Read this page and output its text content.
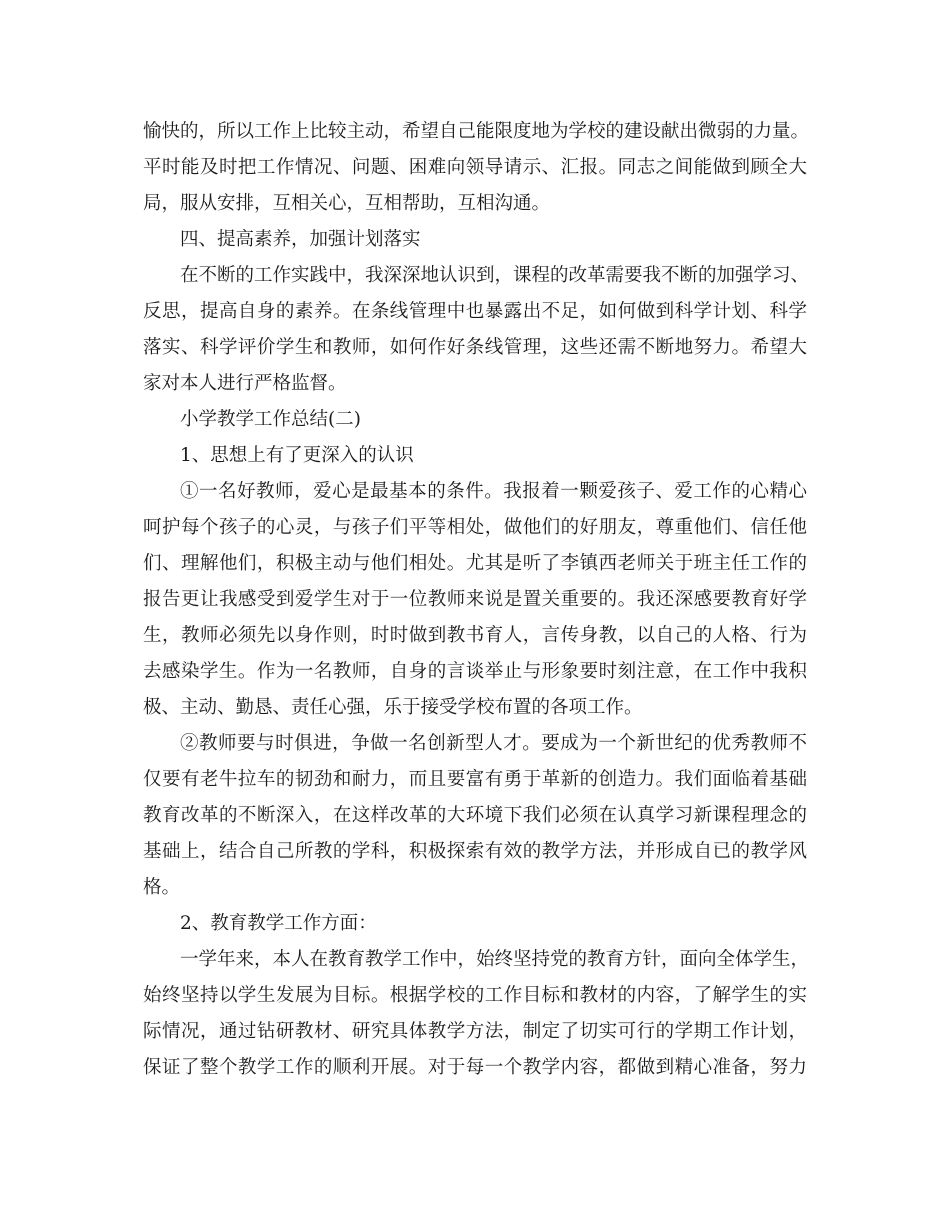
愉快的，所以工作上比较主动，希望自己能限度地为学校的建设献出微弱的力量。
平时能及时把工作情况、问题、困难向领导请示、汇报。同志之间能做到顾全大
局，服从安排，互相关心，互相帮助，互相沟通。
四、提高素养，加强计划落实
在不断的工作实践中，我深深地认识到，课程的改革需要我不断的加强学习、
反思，提高自身的素养。在条线管理中也暴露出不足，如何做到科学计划、科学
落实、科学评价学生和教师，如何作好条线管理，这些还需不断地努力。希望大
家对本人进行严格监督。
小学教学工作总结(二)
1、思想上有了更深入的认识
①一名好教师，爱心是最基本的条件。我报着一颗爱孩子、爱工作的心精心
呵护每个孩子的心灵，与孩子们平等相处，做他们的好朋友，尊重他们、信任他
们、理解他们，积极主动与他们相处。尤其是听了李镇西老师关于班主任工作的
报告更让我感受到爱学生对于一位教师来说是置关重要的。我还深感要教育好学
生，教师必须先以身作则，时时做到教书育人，言传身教，以自己的人格、行为
去感染学生。作为一名教师，自身的言谈举止与形象要时刻注意，在工作中我积
极、主动、勤恳、责任心强，乐于接受学校布置的各项工作。
②教师要与时俱进，争做一名创新型人才。要成为一个新世纪的优秀教师不
仅要有老牛拉车的韧劲和耐力，而且要富有勇于革新的创造力。我们面临着基础
教育改革的不断深入，在这样改革的大环境下我们必须在认真学习新课程理念的
基础上，结合自己所教的学科，积极探索有效的教学方法，并形成自已的教学风
格。
2、教育教学工作方面：
一学年来，本人在教育教学工作中，始终坚持党的教育方针，面向全体学生，
始终坚持以学生发展为目标。根据学校的工作目标和教材的内容，了解学生的实
际情况，通过钻研教材、研究具体教学方法，制定了切实可行的学期工作计划，
保证了整个教学工作的顺利开展。对于每一个教学内容，都做到精心准备，努力
